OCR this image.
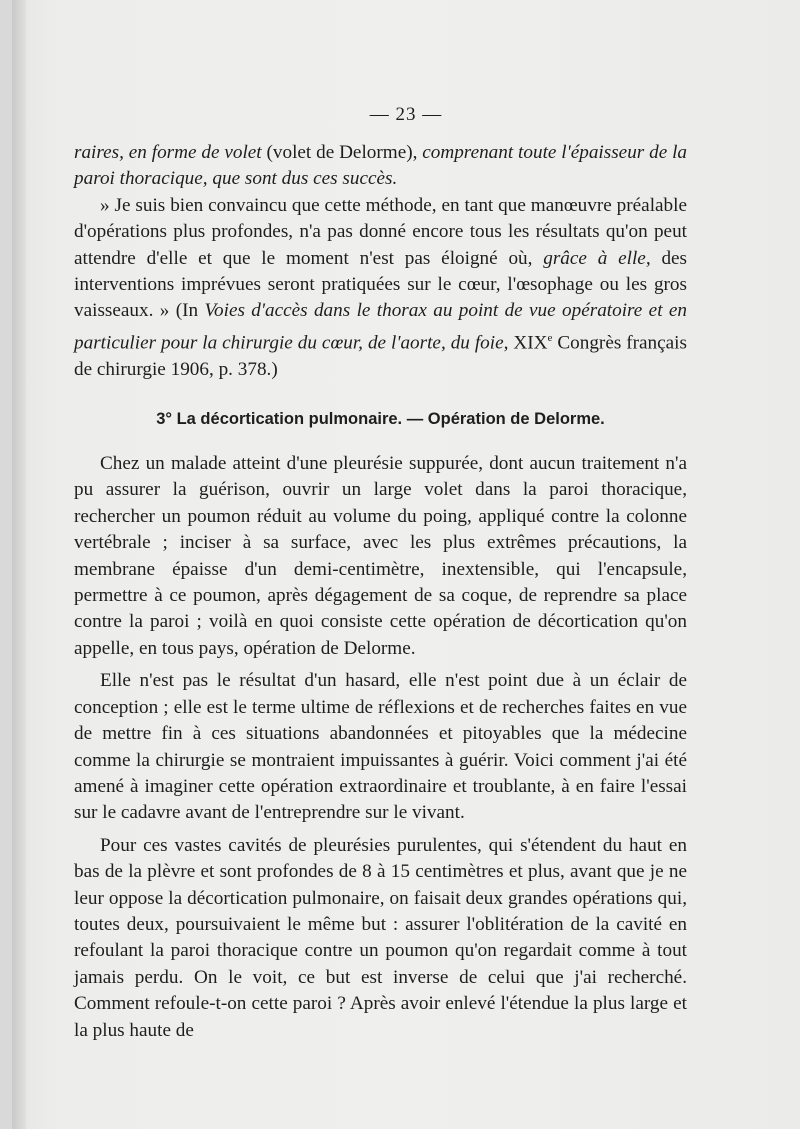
— 23 —

raires, en forme de volet (volet de Delorme), comprenant toute l'épaisseur de la paroi thoracique, que sont dus ces succès.

» Je suis bien convaincu que cette méthode, en tant que manœuvre préalable d'opérations plus profondes, n'a pas donné encore tous les résultats qu'on peut attendre d'elle et que le moment n'est pas éloigné où, grâce à elle, des interventions imprévues seront pratiquées sur le cœur, l'œsophage ou les gros vaisseaux. » (In Voies d'accès dans le thorax au point de vue opératoire et en particulier pour la chirurgie du cœur, de l'aorte, du foie, XIXe Congrès français de chirurgie 1906, p. 378.)

3° La décortication pulmonaire. — Opération de Delorme.

Chez un malade atteint d'une pleurésie suppurée, dont aucun traitement n'a pu assurer la guérison, ouvrir un large volet dans la paroi thoracique, rechercher un poumon réduit au volume du poing, appliqué contre la colonne vertébrale ; inciser à sa surface, avec les plus extrêmes précautions, la membrane épaisse d'un demi-centimètre, inextensible, qui l'encapsule, permettre à ce poumon, après dégagement de sa coque, de reprendre sa place contre la paroi ; voilà en quoi consiste cette opération de décortication qu'on appelle, en tous pays, opération de Delorme.

Elle n'est pas le résultat d'un hasard, elle n'est point due à un éclair de conception ; elle est le terme ultime de réflexions et de recherches faites en vue de mettre fin à ces situations abandonnées et pitoyables que la médecine comme la chirurgie se montraient impuissantes à guérir. Voici comment j'ai été amené à imaginer cette opération extraordinaire et troublante, à en faire l'essai sur le cadavre avant de l'entreprendre sur le vivant.

Pour ces vastes cavités de pleurésies purulentes, qui s'étendent du haut en bas de la plèvre et sont profondes de 8 à 15 centimètres et plus, avant que je ne leur oppose la décortication pulmonaire, on faisait deux grandes opérations qui, toutes deux, poursuivaient le même but : assurer l'oblitération de la cavité en refoulant la paroi thoracique contre un poumon qu'on regardait comme à tout jamais perdu. On le voit, ce but est inverse de celui que j'ai recherché. Comment refoule-t-on cette paroi ? Après avoir enlevé l'étendue la plus large et la plus haute de
